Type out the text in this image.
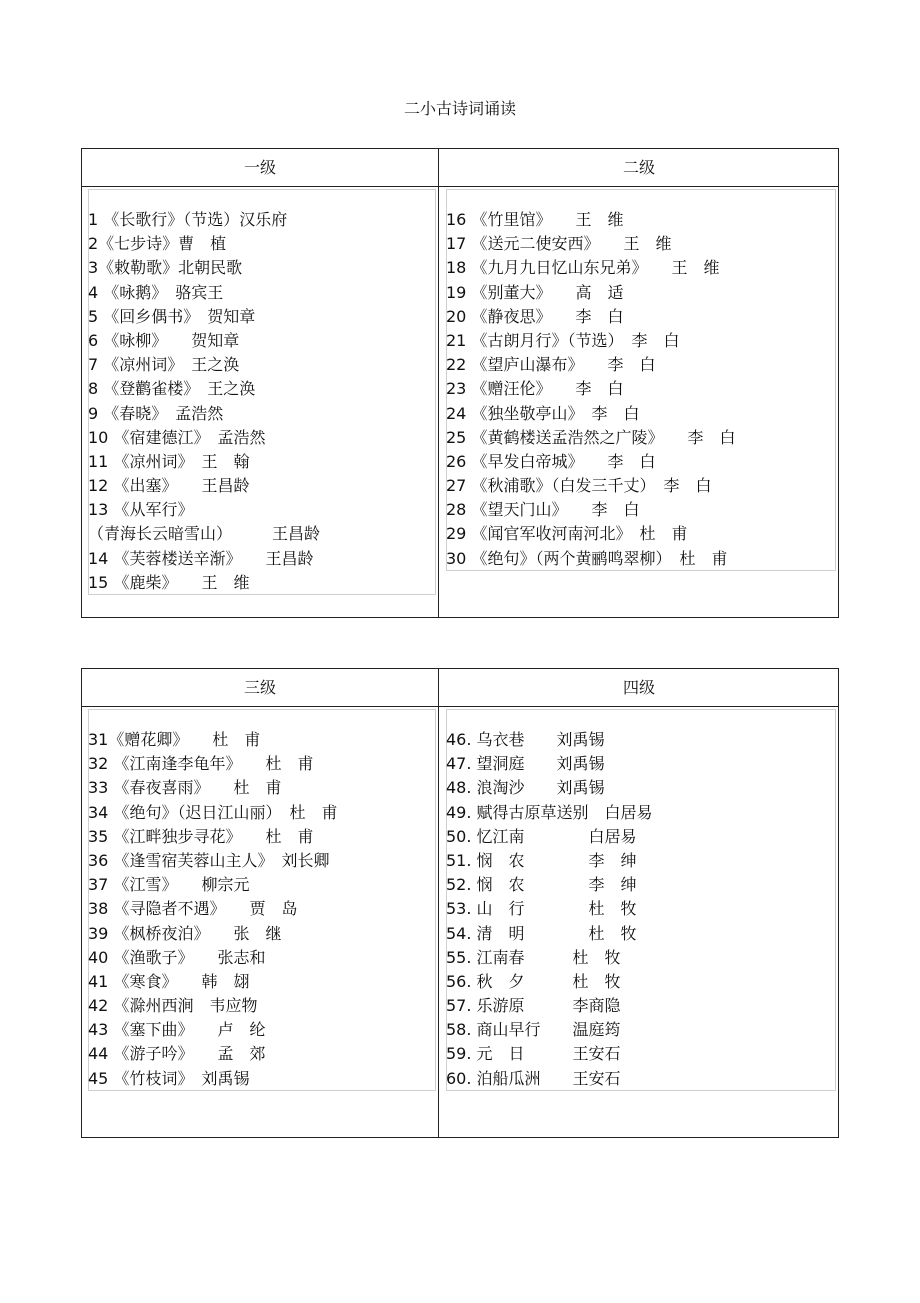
二小古诗词诵读
一级	二级
1 《长歌行》（节选）汉乐府
2《七步诗》曹　植
3《敕勒歌》北朝民歌
4 《咏鹅》　骆宾王
5 《回乡偶书》　贺知章
6 《咏柳》　　贺知章
7 《凉州词》　王之涣
8 《登鹳雀楼》　王之涣
9 《春晓》　孟浩然
10 《宿建德江》　孟浩然
11 《凉州词》　王　翰
12 《出塞》　　王昌龄
13 《从军行》
（青海长云暗雪山）　　　王昌龄
14 《芙蓉楼送辛渐》　　王昌龄
15 《鹿柴》　　王　维
16 《竹里馆》　　王　维
17 《送元二使安西》　　王　维
18 《九月九日忆山东兄弟》　　王　维
19 《别董大》　　高　适
20 《静夜思》　　李　白
21 《古朗月行》（节选）　李　白
22 《望庐山瀑布》　　李　白
23 《赠汪伦》　　李　白
24 《独坐敬亭山》　李　白
25 《黄鹤楼送孟浩然之广陵》　　李　白
26 《早发白帝城》　　李　白
27 《秋浦歌》（白发三千丈）　李　白
28 《望天门山》　　李　白
29 《闻官军收河南河北》　杜　甫
30 《绝句》（两个黄鹂鸣翠柳）　杜　甫
三级	四级
31《赠花卿》　　杜　甫
32 《江南逢李龟年》　　杜　甫
33 《春夜喜雨》　　杜　甫
34 《绝句》（迟日江山丽）　杜　甫
35 《江畔独步寻花》　　杜　甫
36 《逢雪宿芙蓉山主人》　刘长卿
37 《江雪》　　柳宗元
38 《寻隐者不遇》　　贾　岛
39 《枫桥夜泊》　　张　继
40 《渔歌子》　　张志和
41 《寒食》　　韩　翃
42 《滁州西涧　韦应物
43 《塞下曲》　　卢　纶
44 《游子吟》　　孟　郊
45 《竹枝词》　刘禹锡
46. 乌衣巷　　刘禹锡
47. 望洞庭　　刘禹锡
48. 浪淘沙　　刘禹锡
49. 赋得古原草送别　白居易
50. 忆江南　　　　白居易
51. 悯　农　　　　李　绅
52. 悯　农　　　　李　绅
53. 山　行　　　　杜　牧
54. 清　明　　　　杜　牧
55. 江南春　　　杜　牧
56. 秋　夕　　　杜　牧
57. 乐游原　　　李商隐
58. 商山早行　　温庭筠
59. 元　日　　　王安石
60. 泊船瓜洲　　王安石
